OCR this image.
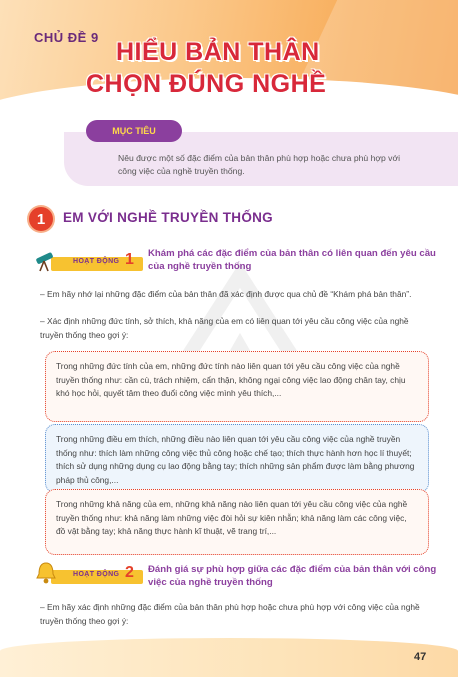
CHỦ ĐỀ 9
HIỂU BẢN THÂN
CHỌN ĐÚNG NGHỀ
MỤC TIÊU
Nêu được một số đặc điểm của bản thân phù hợp hoặc chưa phù hợp với công việc của nghề truyền thống.
1	EM VỚI NGHỀ TRUYỀN THỐNG
HOẠT ĐỘNG 1 Khám phá các đặc điểm của bản thân có liên quan đến yêu cầu của nghề truyền thống
– Em hãy nhớ lại những đặc điểm của bản thân đã xác định được qua chủ đề “Khám phá bản thân”.
– Xác định những đức tính, sở thích, khả năng của em có liên quan tới yêu cầu công việc của nghề truyền thống theo gợi ý:
Trong những đức tính của em, những đức tính nào liên quan tới yêu cầu công việc của nghề truyền thống như: cần cù, trách nhiệm, cẩn thận, không ngại công việc lao động chân tay, chịu khó học hỏi, quyết tâm theo đuổi công việc mình yêu thích,...
Trong những điều em thích, những điều nào liên quan tới yêu cầu công việc của nghề truyền thống như: thích làm những công việc thủ công hoặc chế tạo; thích thực hành hơn học lí thuyết; thích sử dụng những dụng cụ lao động bằng tay; thích những sản phẩm được làm bằng phương pháp thủ công,...
Trong những khả năng của em, những khả năng nào liên quan tới yêu cầu công việc của nghề truyền thống như: khả năng làm những việc đòi hỏi sự kiên nhẫn; khả năng làm các công việc, đồ vật bằng tay; khả năng thực hành kĩ thuật, vẽ trang trí,...
HOẠT ĐỘNG 2 Đánh giá sự phù hợp giữa các đặc điểm của bản thân với công việc của nghề truyền thống
– Em hãy xác định những đặc điểm của bản thân phù hợp hoặc chưa phù hợp với công việc của nghề truyền thống theo gợi ý:
47
